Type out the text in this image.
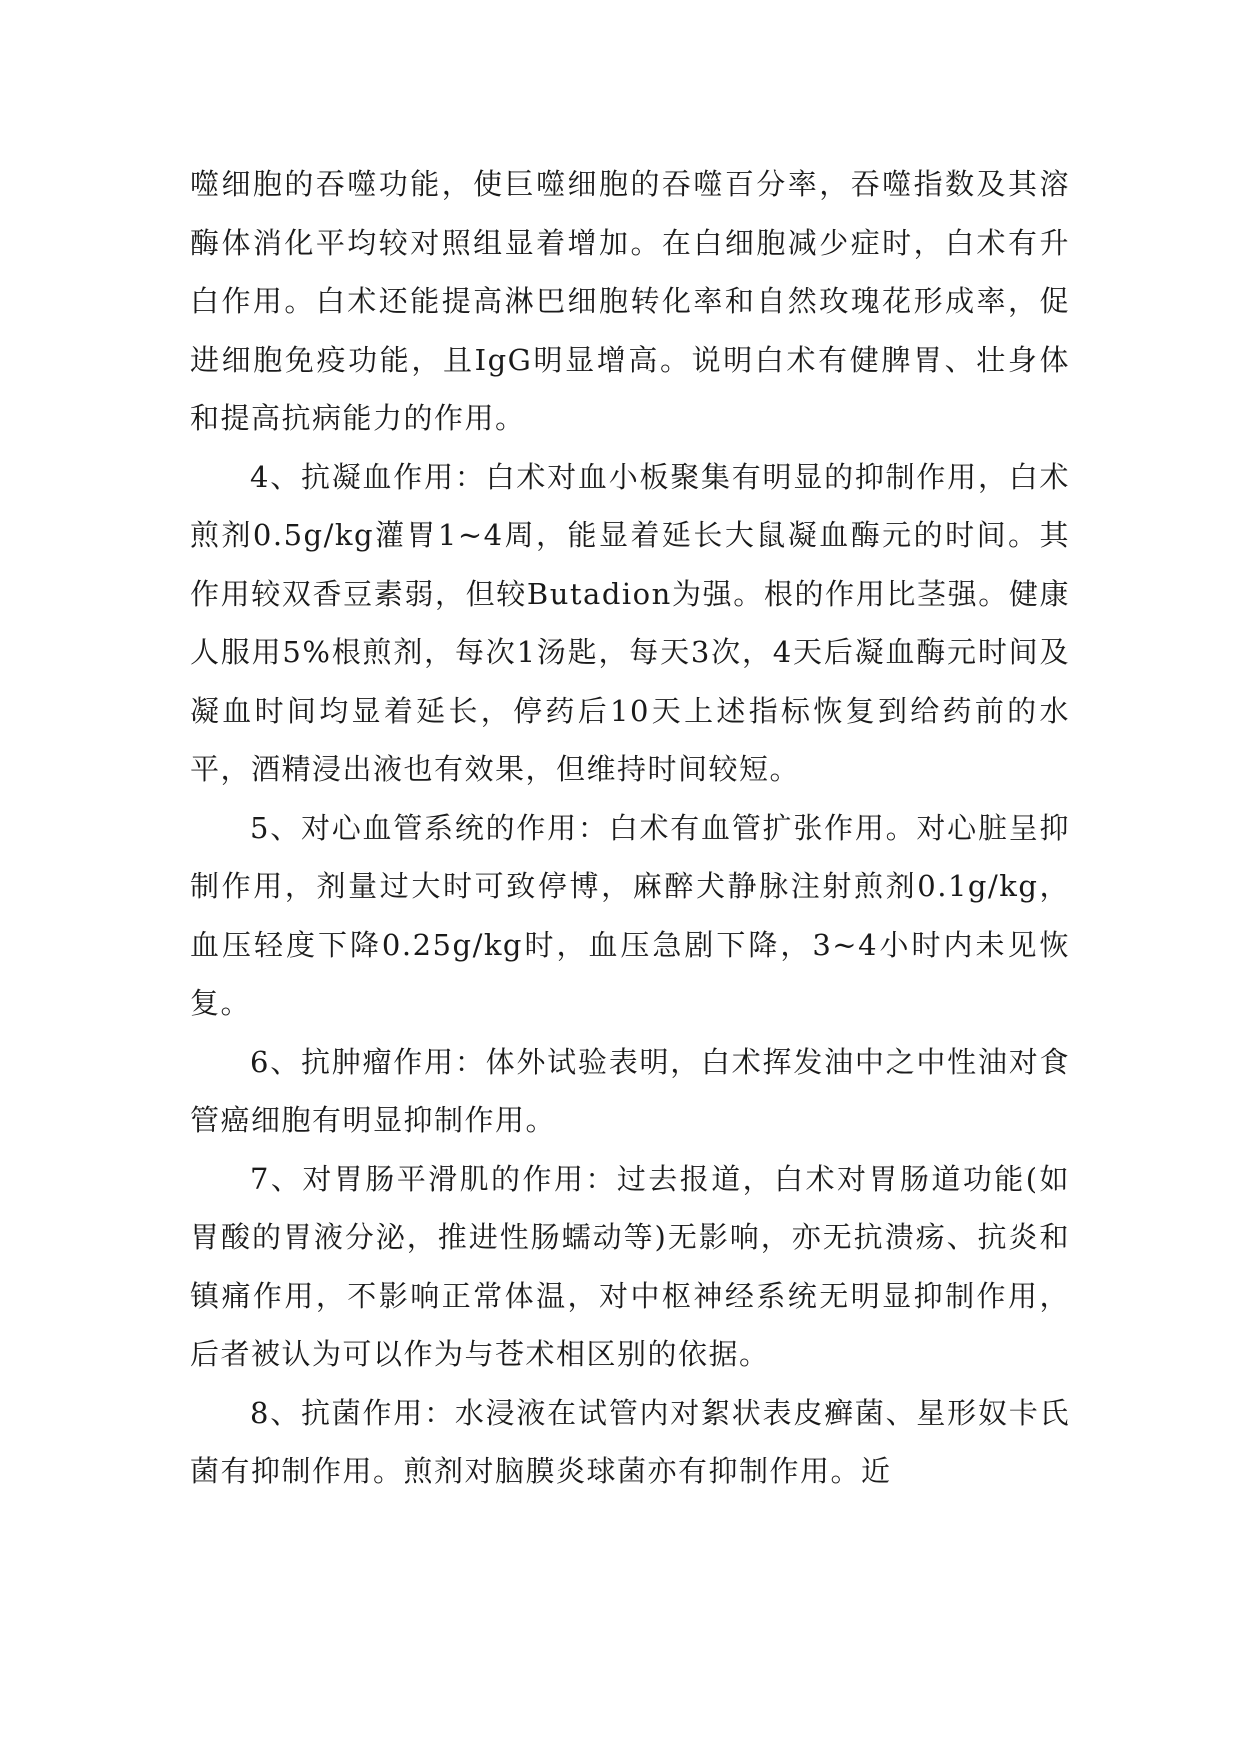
噬细胞的吞噬功能，使巨噬细胞的吞噬百分率，吞噬指数及其溶酶体消化平均较对照组显着增加。在白细胞减少症时，白术有升白作用。白术还能提高淋巴细胞转化率和自然玫瑰花形成率，促进细胞免疫功能，且IgG明显增高。说明白术有健脾胃、壮身体和提高抗病能力的作用。

4、抗凝血作用：白术对血小板聚集有明显的抑制作用，白术煎剂0.5g/kg灌胃1~4周，能显着延长大鼠凝血酶元的时间。其作用较双香豆素弱，但较Butadion为强。根的作用比茎强。健康人服用5%根煎剂，每次1汤匙，每天3次，4天后凝血酶元时间及凝血时间均显着延长，停药后10天上述指标恢复到给药前的水平，酒精浸出液也有效果，但维持时间较短。

5、对心血管系统的作用：白术有血管扩张作用。对心脏呈抑制作用，剂量过大时可致停博，麻醉犬静脉注射煎剂0.1g/kg，血压轻度下降0.25g/kg时，血压急剧下降，3~4小时内未见恢复。

6、抗肿瘤作用：体外试验表明，白术挥发油中之中性油对食管癌细胞有明显抑制作用。

7、对胃肠平滑肌的作用：过去报道，白术对胃肠道功能(如胃酸的胃液分泌，推进性肠蠕动等)无影响，亦无抗溃疡、抗炎和镇痛作用，不影响正常体温，对中枢神经系统无明显抑制作用，后者被认为可以作为与苍术相区别的依据。

8、抗菌作用：水浸液在试管内对絮状表皮癣菌、星形奴卡氏菌有抑制作用。煎剂对脑膜炎球菌亦有抑制作用。近
